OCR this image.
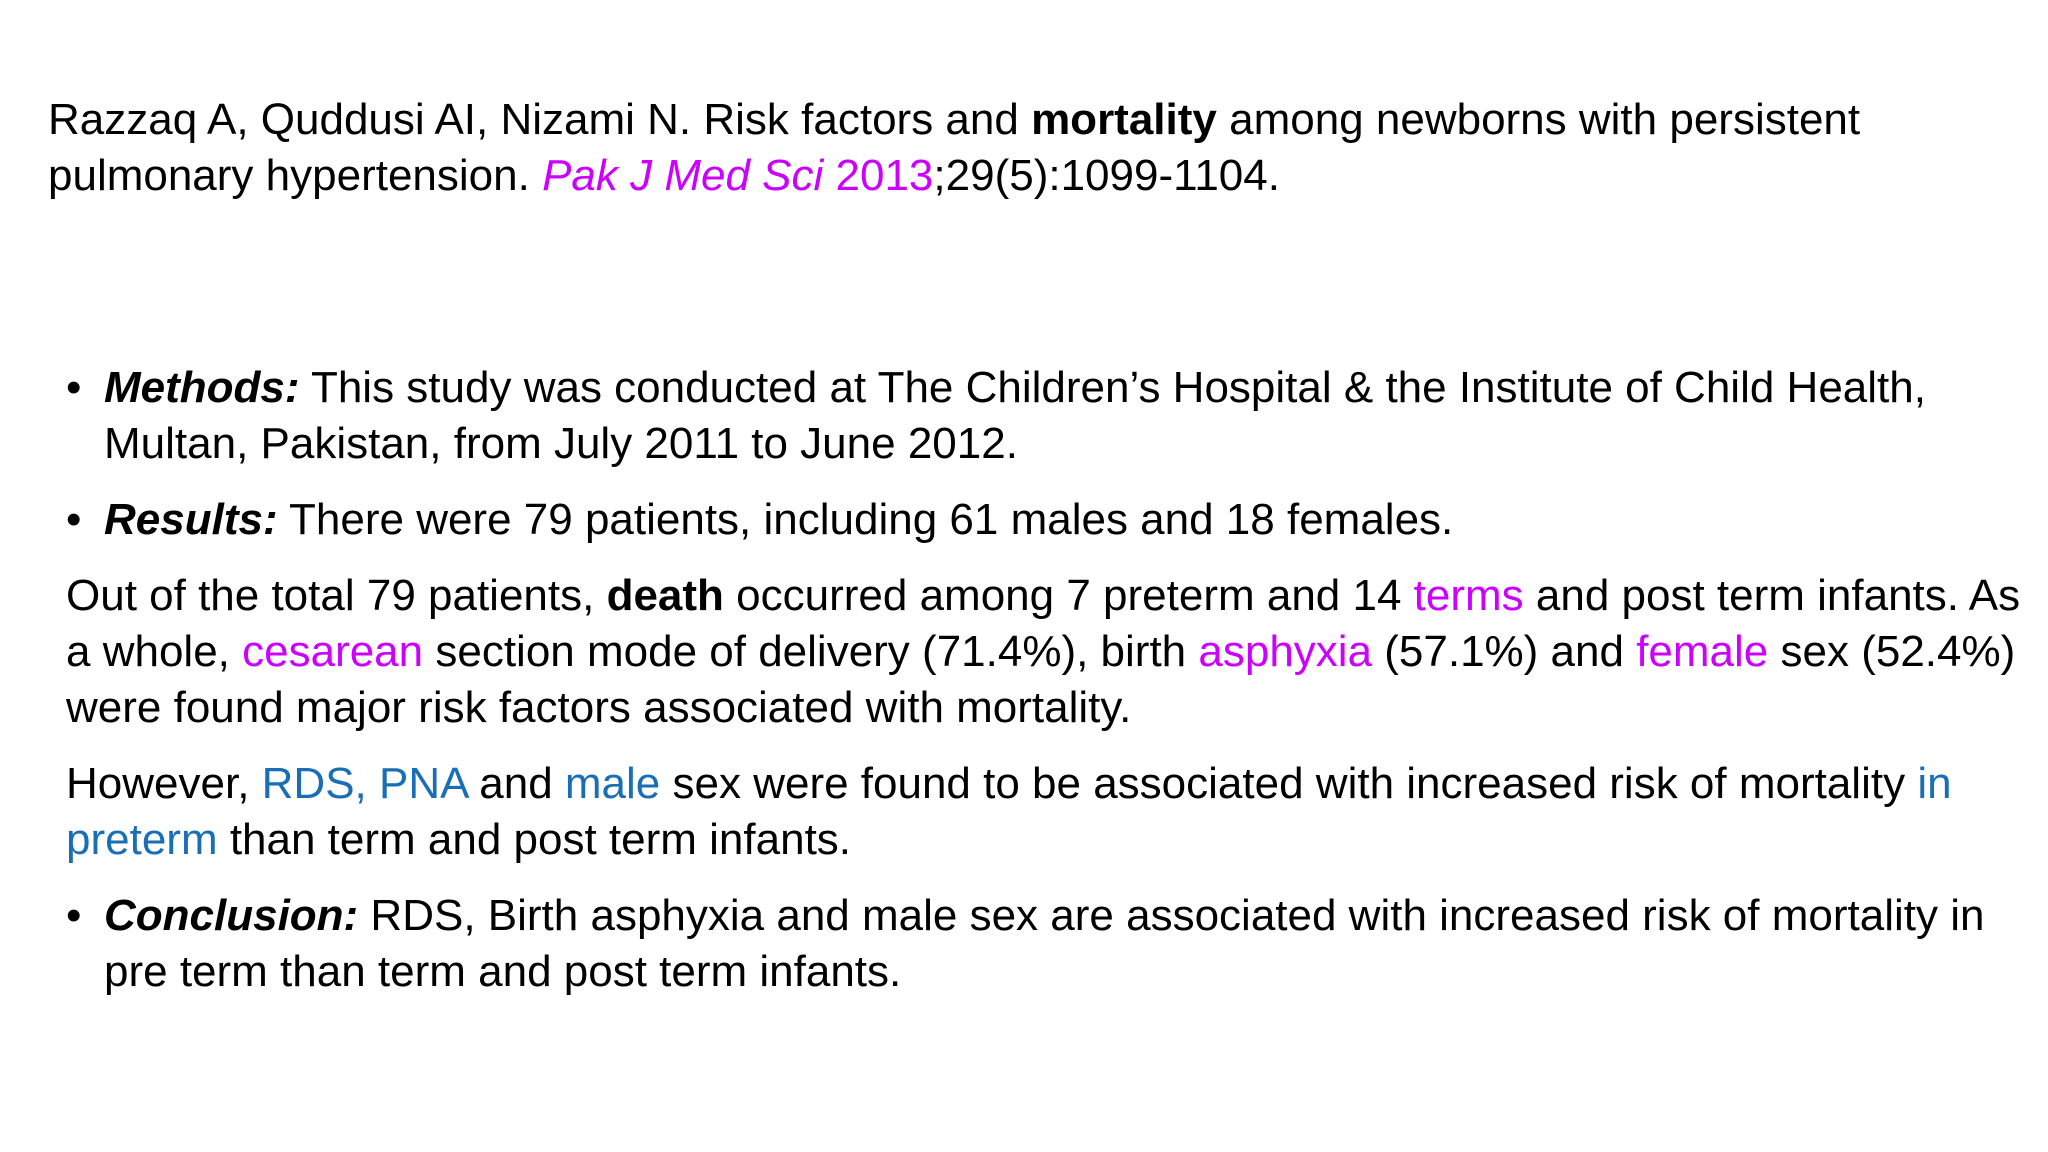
Razzaq A, Quddusi AI, Nizami N. Risk factors and mortality among newborns with persistent pulmonary hypertension. Pak J Med Sci 2013;29(5):1099-1104.
• Methods: This study was conducted at The Children’s Hospital & the Institute of Child Health, Multan, Pakistan, from July 2011 to June 2012.
• Results: There were 79 patients, including 61 males and 18 females.
Out of the total 79 patients, death occurred among 7 preterm and 14 terms and post term infants. As a whole, cesarean section mode of delivery (71.4%), birth asphyxia (57.1%) and female sex (52.4%) were found major risk factors associated with mortality.
However, RDS, PNA and male sex were found to be associated with increased risk of mortality in preterm than term and post term infants.
• Conclusion: RDS, Birth asphyxia and male sex are associated with increased risk of mortality in pre term than term and post term infants.
